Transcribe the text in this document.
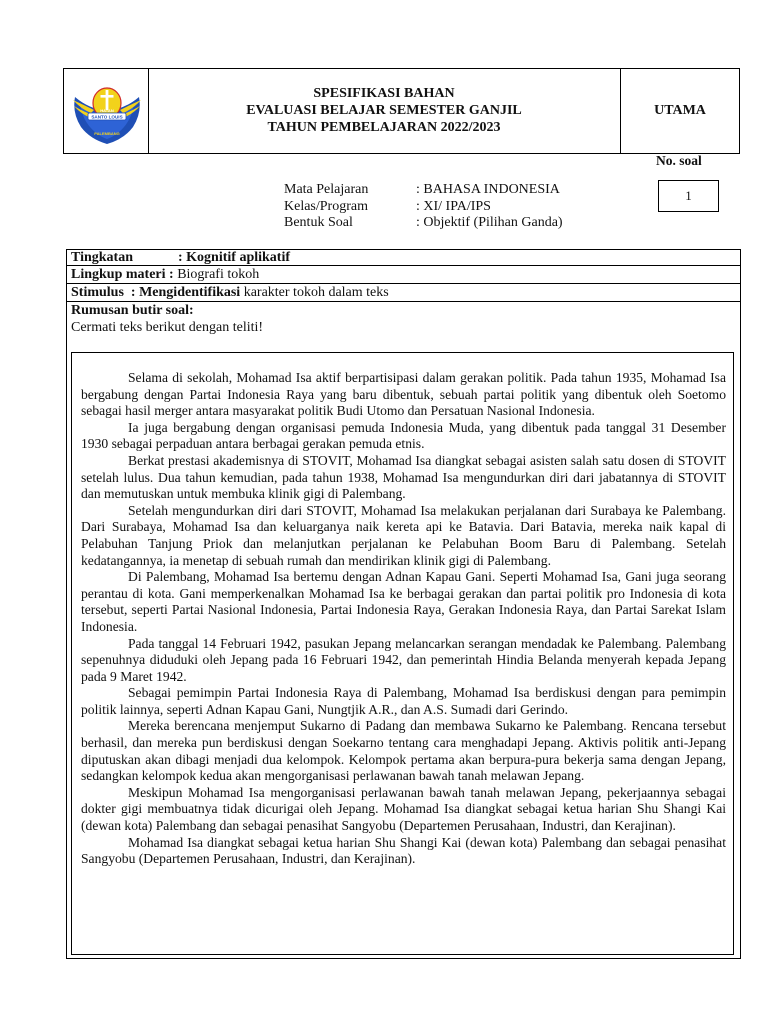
HATAN
SANTO LOUIS
PALEMBANG
SPESIFIKASI BAHAN
EVALUASI BELAJAR SEMESTER GANJIL
TAHUN PEMBELAJARAN 2022/2023
UTAMA
No. soal
1
Mata Pelajaran	: BAHASA INDONESIA
Kelas/Program	: XI/ IPA/IPS
Bentuk Soal	: Objektif (Pilihan Ganda)
Tingkatan	: Kognitif aplikatif
Lingkup materi : Biografi tokoh
Stimulus  : Mengidentifikasi karakter tokoh dalam teks
Rumusan butir soal:
Cermati teks berikut dengan teliti!

Selama di sekolah, Mohamad Isa aktif berpartisipasi dalam gerakan politik. Pada tahun 1935, Mohamad Isa bergabung dengan Partai Indonesia Raya yang baru dibentuk, sebuah partai politik yang dibentuk oleh Soetomo sebagai hasil merger antara masyarakat politik Budi Utomo dan Persatuan Nasional Indonesia.

Ia juga bergabung dengan organisasi pemuda Indonesia Muda, yang dibentuk pada tanggal 31 Desember 1930 sebagai perpaduan antara berbagai gerakan pemuda etnis.

Berkat prestasi akademisnya di STOVIT, Mohamad Isa diangkat sebagai asisten salah satu dosen di STOVIT setelah lulus. Dua tahun kemudian, pada tahun 1938, Mohamad Isa mengundurkan diri dari jabatannya di STOVIT dan memutuskan untuk membuka klinik gigi di Palembang.

Setelah mengundurkan diri dari STOVIT, Mohamad Isa melakukan perjalanan dari Surabaya ke Palembang. Dari Surabaya, Mohamad Isa dan keluarganya naik kereta api ke Batavia. Dari Batavia, mereka naik kapal di Pelabuhan Tanjung Priok dan melanjutkan perjalanan ke Pelabuhan Boom Baru di Palembang. Setelah kedatangannya, ia menetap di sebuah rumah dan mendirikan klinik gigi di Palembang.

Di Palembang, Mohamad Isa bertemu dengan Adnan Kapau Gani. Seperti Mohamad Isa, Gani juga seorang perantau di kota. Gani memperkenalkan Mohamad Isa ke berbagai gerakan dan partai politik pro Indonesia di kota tersebut, seperti Partai Nasional Indonesia, Partai Indonesia Raya, Gerakan Indonesia Raya, dan Partai Sarekat Islam Indonesia.

Pada tanggal 14 Februari 1942, pasukan Jepang melancarkan serangan mendadak ke Palembang. Palembang sepenuhnya diduduki oleh Jepang pada 16 Februari 1942, dan pemerintah Hindia Belanda menyerah kepada Jepang pada 9 Maret 1942.

Sebagai pemimpin Partai Indonesia Raya di Palembang, Mohamad Isa berdiskusi dengan para pemimpin politik lainnya, seperti Adnan Kapau Gani, Nungtjik A.R., dan A.S. Sumadi dari Gerindo.

Mereka berencana menjemput Sukarno di Padang dan membawa Sukarno ke Palembang. Rencana tersebut berhasil, dan mereka pun berdiskusi dengan Soekarno tentang cara menghadapi Jepang. Aktivis politik anti-Jepang diputuskan akan dibagi menjadi dua kelompok. Kelompok pertama akan berpura-pura bekerja sama dengan Jepang, sedangkan kelompok kedua akan mengorganisasi perlawanan bawah tanah melawan Jepang.

Meskipun Mohamad Isa mengorganisasi perlawanan bawah tanah melawan Jepang, pekerjaannya sebagai dokter gigi membuatnya tidak dicurigai oleh Jepang. Mohamad Isa diangkat sebagai ketua harian Shu Shangi Kai (dewan kota) Palembang dan sebagai penasihat Sangyobu (Departemen Perusahaan, Industri, dan Kerajinan).

Mohamad Isa diangkat sebagai ketua harian Shu Shangi Kai (dewan kota) Palembang dan sebagai penasihat Sangyobu (Departemen Perusahaan, Industri, dan Kerajinan).
